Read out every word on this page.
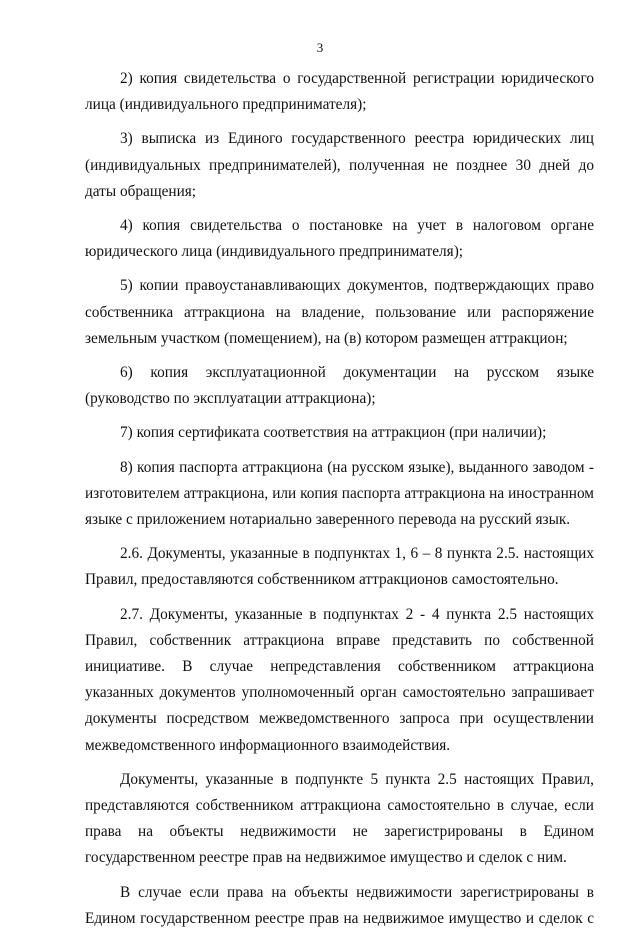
3

2) копия свидетельства о государственной регистрации юридического лица (индивидуального предпринимателя);

3) выписка из Единого государственного реестра юридических лиц (индивидуальных предпринимателей), полученная не позднее 30 дней до даты обращения;

4) копия свидетельства о постановке на учет в налоговом органе юридического лица (индивидуального предпринимателя);

5) копии правоустанавливающих документов, подтверждающих право собственника аттракциона на владение, пользование или распоряжение земельным участком (помещением), на (в) котором размещен аттракцион;

6) копия эксплуатационной документации на русском языке (руководство по эксплуатации аттракциона);

7) копия сертификата соответствия на аттракцион (при наличии);

8) копия паспорта аттракциона (на русском языке), выданного заводом - изготовителем аттракциона, или копия паспорта аттракциона на иностранном языке с приложением нотариально заверенного перевода на русский язык.

2.6. Документы, указанные в подпунктах 1, 6 – 8 пункта 2.5. настоящих Правил, предоставляются собственником аттракционов самостоятельно.

2.7. Документы, указанные в подпунктах 2 - 4 пункта 2.5 настоящих Правил, собственник аттракциона вправе представить по собственной инициативе. В случае непредставления собственником аттракциона указанных документов уполномоченный орган самостоятельно запрашивает документы посредством межведомственного запроса при осуществлении межведомственного информационного взаимодействия.

Документы, указанные в подпункте 5 пункта 2.5 настоящих Правил, представляются собственником аттракциона самостоятельно в случае, если права на объекты недвижимости не зарегистрированы в Едином государственном реестре прав на недвижимое имущество и сделок с ним.

В случае если права на объекты недвижимости зарегистрированы в Едином государственном реестре прав на недвижимое имущество и сделок с
